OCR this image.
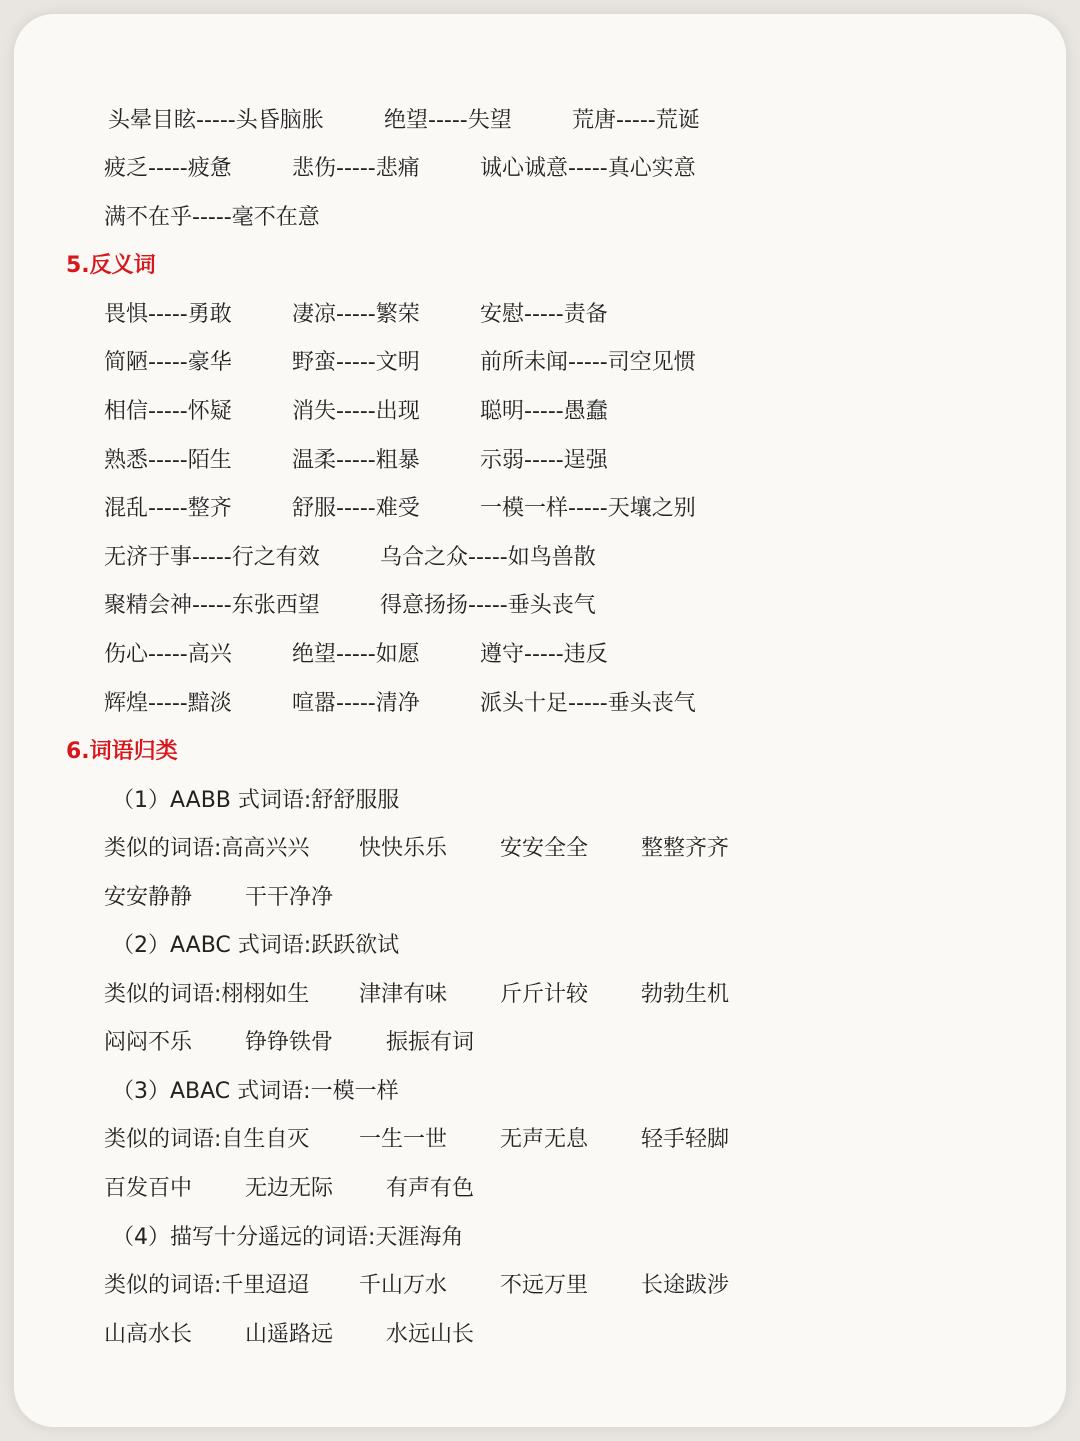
头晕目眩-----头昏脑胀	绝望-----失望	荒唐-----荒诞
疲乏-----疲惫	悲伤-----悲痛	诚心诚意-----真心实意
满不在乎-----毫不在意
5.反义词
畏惧-----勇敢	凄凉-----繁荣	安慰-----责备
简陋-----豪华	野蛮-----文明	前所未闻-----司空见惯
相信-----怀疑	消失-----出现	聪明-----愚蠢
熟悉-----陌生	温柔-----粗暴	示弱-----逞强
混乱-----整齐	舒服-----难受	一模一样-----天壤之别
无济于事-----行之有效	乌合之众-----如鸟兽散
聚精会神-----东张西望	得意扬扬-----垂头丧气
伤心-----高兴	绝望-----如愿	遵守-----违反
辉煌-----黯淡	喧嚣-----清净	派头十足-----垂头丧气
6.词语归类
（1）AABB 式词语:舒舒服服
类似的词语:高高兴兴 快快乐乐 安安全全 整整齐齐
安安静静 干干净净
（2）AABC 式词语:跃跃欲试
类似的词语:栩栩如生 津津有味 斤斤计较 勃勃生机
闷闷不乐 铮铮铁骨 振振有词
（3）ABAC 式词语:一模一样
类似的词语:自生自灭 一生一世 无声无息 轻手轻脚
百发百中 无边无际 有声有色
（4）描写十分遥远的词语:天涯海角
类似的词语:千里迢迢 千山万水 不远万里 长途跋涉
山高水长 山遥路远 水远山长
